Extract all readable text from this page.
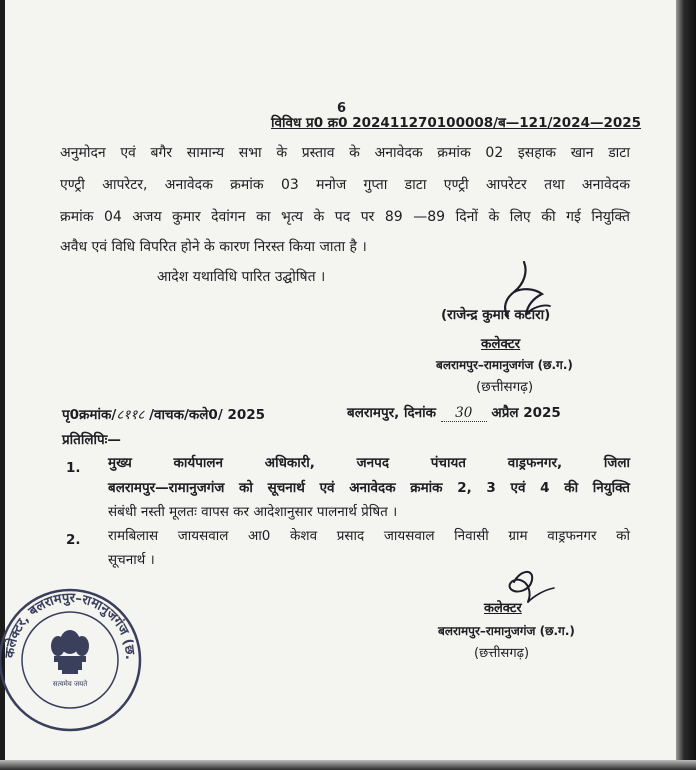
6
विविध प्र0 क्र0 202411270100008/ब—121/2024—2025
अनुमोदन एवं बगैर सामान्य सभा के प्रस्ताव के अनावेदक क्रमांक 02 इसहाक खान डाटा
एण्ट्री आपरेटर, अनावेदक क्रमांक 03 मनोज गुप्ता डाटा एण्ट्री आपरेटर तथा अनावेदक
क्रमांक 04 अजय कुमार देवांगन का भृत्य के पद पर 89 —89 दिनों के लिए की गई नियुक्ति
अवैध एवं विधि विपरित होने के कारण निरस्त किया जाता है ।
आदेश यथाविधि पारित उद्घोषित ।
(राजेन्द्र कुमार कटारा)
कलेक्टर
बलरामपुर–रामानुजगंज (छ.ग.)
(छत्तीसगढ़)
पृ0क्रमांक/८११८ /वाचक/कले0/ 2025	बलरामपुर, दिनांक 30 अप्रैल 2025
प्रतिलिपिः—
1. मुख्य कार्यपालन अधिकारी, जनपद पंचायत वाड्रफनगर, जिला
बलरामपुर—रामानुजगंज को सूचनार्थ एवं अनावेदक क्रमांक 2, 3 एवं 4 की नियुक्ति
संबंधी नस्ती मूलतः वापस कर आदेशानुसार पालनार्थ प्रेषित ।
2. रामबिलास जायसवाल आ0 केशव प्रसाद जायसवाल निवासी ग्राम वाड्रफनगर को
सूचनार्थ ।
कलेक्टर
बलरामपुर–रामानुजगंज (छ.ग.)
(छत्तीसगढ़)
कलेक्टर, बलरामपुर–रामानुजगंज (छ.
सत्यमेव जयते
